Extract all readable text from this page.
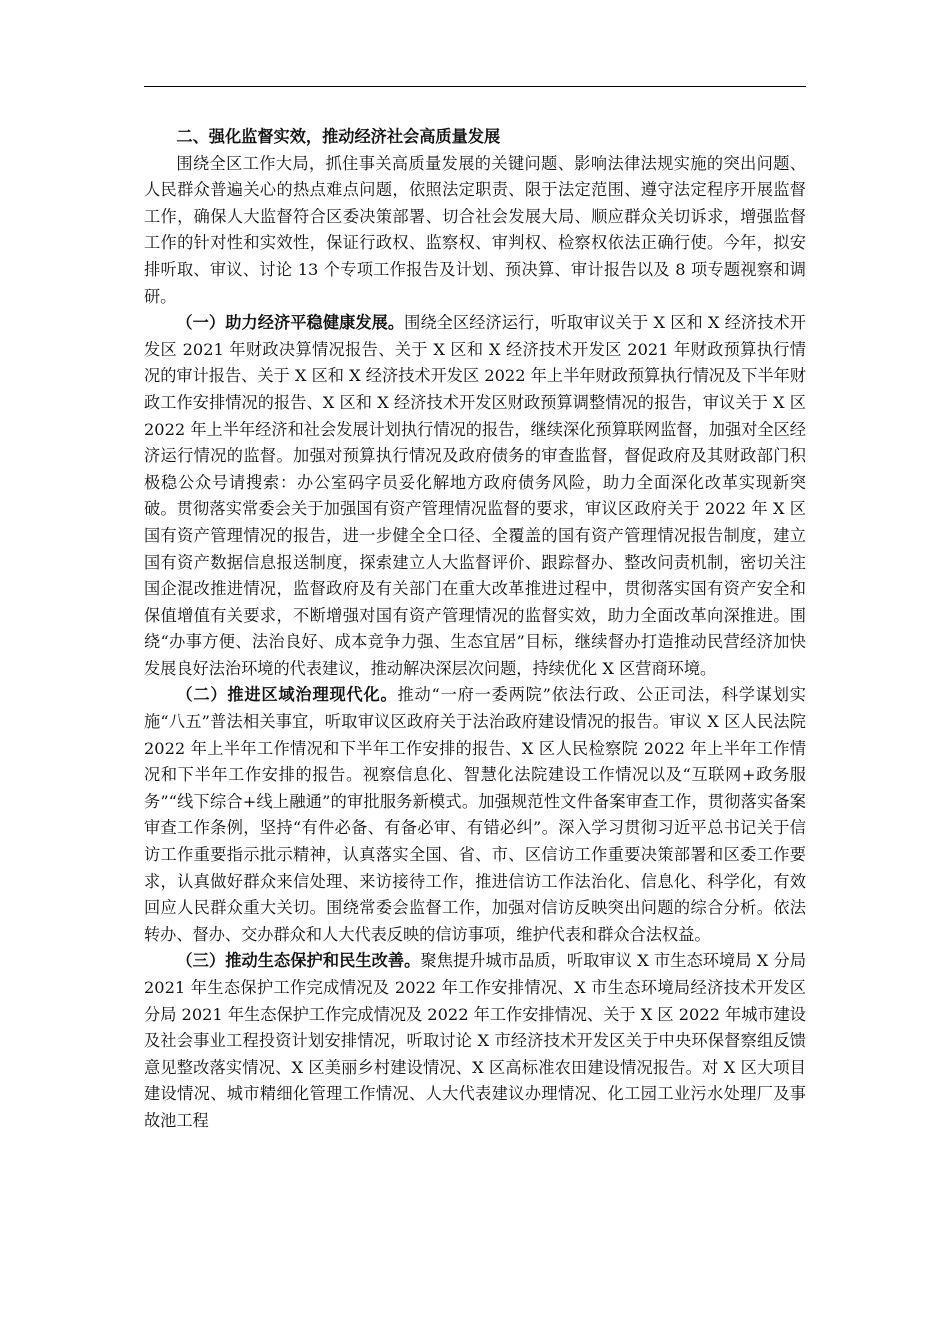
二、强化监督实效，推动经济社会高质量发展

围绕全区工作大局，抓住事关高质量发展的关键问题、影响法律法规实施的突出问题、人民群众普遍关心的热点难点问题，依照法定职责、限于法定范围、遵守法定程序开展监督工作，确保人大监督符合区委决策部署、切合社会发展大局、顺应群众关切诉求，增强监督工作的针对性和实效性，保证行政权、监察权、审判权、检察权依法正确行使。今年，拟安排听取、审议、讨论 13 个专项工作报告及计划、预决算、审计报告以及 8 项专题视察和调研。

（一）助力经济平稳健康发展。围绕全区经济运行，听取审议关于 X 区和 X 经济技术开发区 2021 年财政决算情况报告、关于 X 区和 X 经济技术开发区 2021 年财政预算执行情况的审计报告、关于 X 区和 X 经济技术开发区 2022 年上半年财政预算执行情况及下半年财政工作安排情况的报告、X 区和 X 经济技术开发区财政预算调整情况的报告，审议关于 X 区 2022 年上半年经济和社会发展计划执行情况的报告，继续深化预算联网监督，加强对全区经济运行情况的监督。加强对预算执行情况及政府债务的审查监督，督促政府及其财政部门积极稳公众号请搜索：办公室码字员妥化解地方政府债务风险，助力全面深化改革实现新突破。贯彻落实常委会关于加强国有资产管理情况监督的要求，审议区政府关于 2022 年 X 区国有资产管理情况的报告，进一步健全全口径、全覆盖的国有资产管理情况报告制度，建立国有资产数据信息报送制度，探索建立人大监督评价、跟踪督办、整改问责机制，密切关注国企混改推进情况，监督政府及有关部门在重大改革推进过程中，贯彻落实国有资产安全和保值增值有关要求，不断增强对国有资产管理情况的监督实效，助力全面改革向深推进。围绕“办事方便、法治良好、成本竞争力强、生态宜居”目标，继续督办打造推动民营经济加快发展良好法治环境的代表建议，推动解决深层次问题，持续优化 X 区营商环境。

（二）推进区域治理现代化。推动“一府一委两院”依法行政、公正司法，科学谋划实施“八五”普法相关事宜，听取审议区政府关于法治政府建设情况的报告。审议 X 区人民法院 2022 年上半年工作情况和下半年工作安排的报告、X 区人民检察院 2022 年上半年工作情况和下半年工作安排的报告。视察信息化、智慧化法院建设工作情况以及“互联网+政务服务”“线下综合+线上融通”的审批服务新模式。加强规范性文件备案审查工作，贯彻落实备案审查工作条例，坚持“有件必备、有备必审、有错必纠”。深入学习贯彻习近平总书记关于信访工作重要指示批示精神，认真落实全国、省、市、区信访工作重要决策部署和区委工作要求，认真做好群众来信处理、来访接待工作，推进信访工作法治化、信息化、科学化，有效回应人民群众重大关切。围绕常委会监督工作，加强对信访反映突出问题的综合分析。依法转办、督办、交办群众和人大代表反映的信访事项，维护代表和群众合法权益。

（三）推动生态保护和民生改善。聚焦提升城市品质，听取审议 X 市生态环境局 X 分局 2021 年生态保护工作完成情况及 2022 年工作安排情况、X 市生态环境局经济技术开发区分局 2021 年生态保护工作完成情况及 2022 年工作安排情况、关于 X 区 2022 年城市建设及社会事业工程投资计划安排情况，听取讨论 X 市经济技术开发区关于中央环保督察组反馈意见整改落实情况、X 区美丽乡村建设情况、X 区高标准农田建设情况报告。对 X 区大项目建设情况、城市精细化管理工作情况、人大代表建议办理情况、化工园工业污水处理厂及事故池工程
